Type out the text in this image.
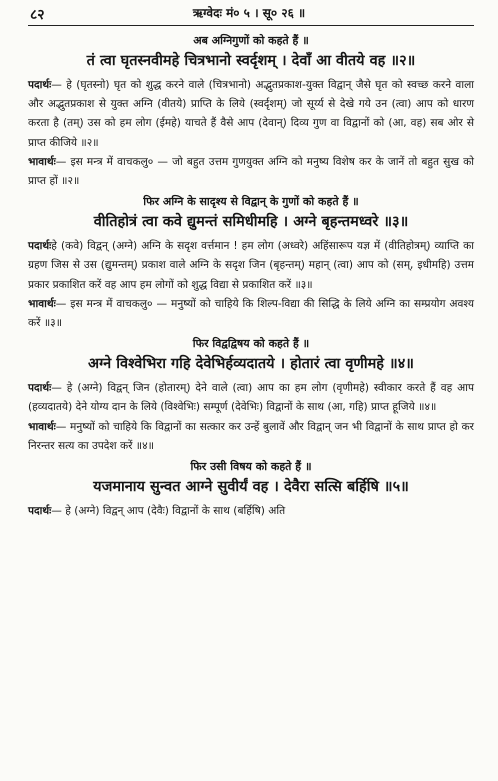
८२	ऋग्वेदः मं० ५ । सू० २६ ॥

अब अग्निगुणों को कहते हैं ॥

तं त्वा घृतस्नवीमहे चित्रभानो स्वर्दृशम् । देवाँ आ वीतये वह ॥२॥

पदार्थः— हे (घृतस्नो) घृत को शुद्ध करने वाले (चित्रभानो) अद्भुतप्रकाश-युक्त विद्वान् जैसे घृत को स्वच्छ करने वाला और अद्भुतप्रकाश से युक्त अग्नि (वीतये) प्राप्ति के लिये (स्वर्दृशम्) जो सूर्य्य से देखे गये उन (त्वा) आप को धारण करता है (तम्) उस को हम लोग (ईमहे) याचते हैं वैसे आप (देवान्) दिव्य गुण वा विद्वानों को (आ, वह) सब ओर से प्राप्त कीजिये ॥२॥

भावार्थः— इस मन्त्र में वाचकलु० — जो बहुत उत्तम गुणयुक्त अग्नि को मनुष्य विशेष कर के जानें तो बहुत सुख को प्राप्त हों ॥२॥

फिर अग्नि के सादृश्य से विद्वान् के गुणों को कहते हैं ॥

वीतिहोत्रं त्वा कवे द्युमन्तं समिधीमहि । अग्ने बृहन्तमध्वरे ॥३॥

पदार्थःहे (कवे) विद्वन् (अग्ने) अग्नि के सदृश वर्त्तमान ! हम लोग (अध्वरे) अहिंसारूप यज्ञ में (वीतिहोत्रम्) व्याप्ति का ग्रहण जिस से उस (द्युमन्तम्) प्रकाश वाले अग्नि के सदृश जिन (बृहन्तम्) महान् (त्वा) आप को (सम्, इधीमहि) उत्तम प्रकार प्रकाशित करें वह आप हम लोगों को शुद्ध विद्या से प्रकाशित करें ॥३॥

भावार्थः— इस मन्त्र में वाचकलु० — मनुष्यों को चाहिये कि शिल्प-विद्या की सिद्धि के लिये अग्नि का सम्प्रयोग अवश्य करें ॥३॥

फिर विद्वद्विषय को कहते हैं ॥

अग्ने विश्वेभिरा गहि देवेभिर्हव्यदातये । होतारं त्वा वृणीमहे ॥४॥

पदार्थः— हे (अग्ने) विद्वन् जिन (होतारम्) देने वाले (त्वा) आप का हम लोग (वृणीमहे) स्वीकार करते हैं वह आप (हव्यदातये) देने योग्य दान के लिये (विश्वेभिः) सम्पूर्ण (देवेभिः) विद्वानों के साथ (आ, गहि) प्राप्त हूजिये ॥४॥

भावार्थः— मनुष्यों को चाहिये कि विद्वानों का सत्कार कर उन्हें बुलावें और विद्वान् जन भी विद्वानों के साथ प्राप्त हो कर निरन्तर सत्य का उपदेश करें ॥४॥

फिर उसी विषय को कहते हैं ॥

यजमानाय सुन्वत आग्ने सुवीर्यं वह । देवैरा सत्सि बर्हिषि ॥५॥

पदार्थः— हे (अग्ने) विद्वन् आप (देवैः) विद्वानों के साथ (बर्हिषि) अति
